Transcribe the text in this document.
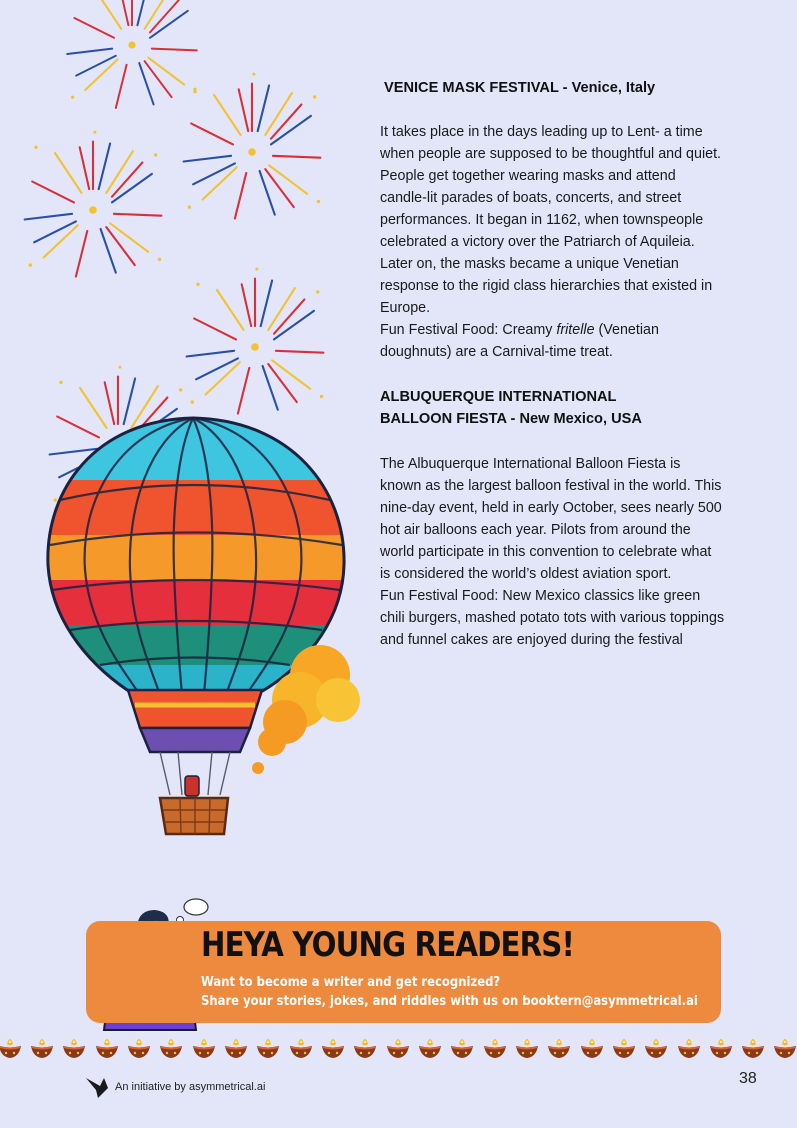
VENICE MASK FESTIVAL - Venice, Italy

It takes place in the days leading up to Lent- a time when people are supposed to be thoughtful and quiet. People get together wearing masks and attend candle-lit parades of boats, concerts, and street performances. It began in 1162, when townspeople celebrated a victory over the Patriarch of Aquileia. Later on, the masks became a unique Venetian response to the rigid class hierarchies that existed in Europe.

Fun Festival Food: Creamy fritelle (Venetian doughnuts) are a Carnival-time treat.

ALBUQUERQUE INTERNATIONAL
BALLOON FIESTA - New Mexico, USA

The Albuquerque International Balloon Fiesta is known as the largest balloon festival in the world. This nine-day event, held in early October, sees nearly 500 hot air balloons each year. Pilots from around the world participate in this convention to celebrate what is considered the world’s oldest aviation sport.

Fun Festival Food: New Mexico classics like green chili burgers, mashed potato tots with various toppings and funnel cakes are enjoyed during the festival

HEYA YOUNG READERS!
Want to become a writer and get recognized?
Share your stories, jokes, and riddles with us on booktern@asymmetrical.ai
An initiative by asymmetrical.ai	38
